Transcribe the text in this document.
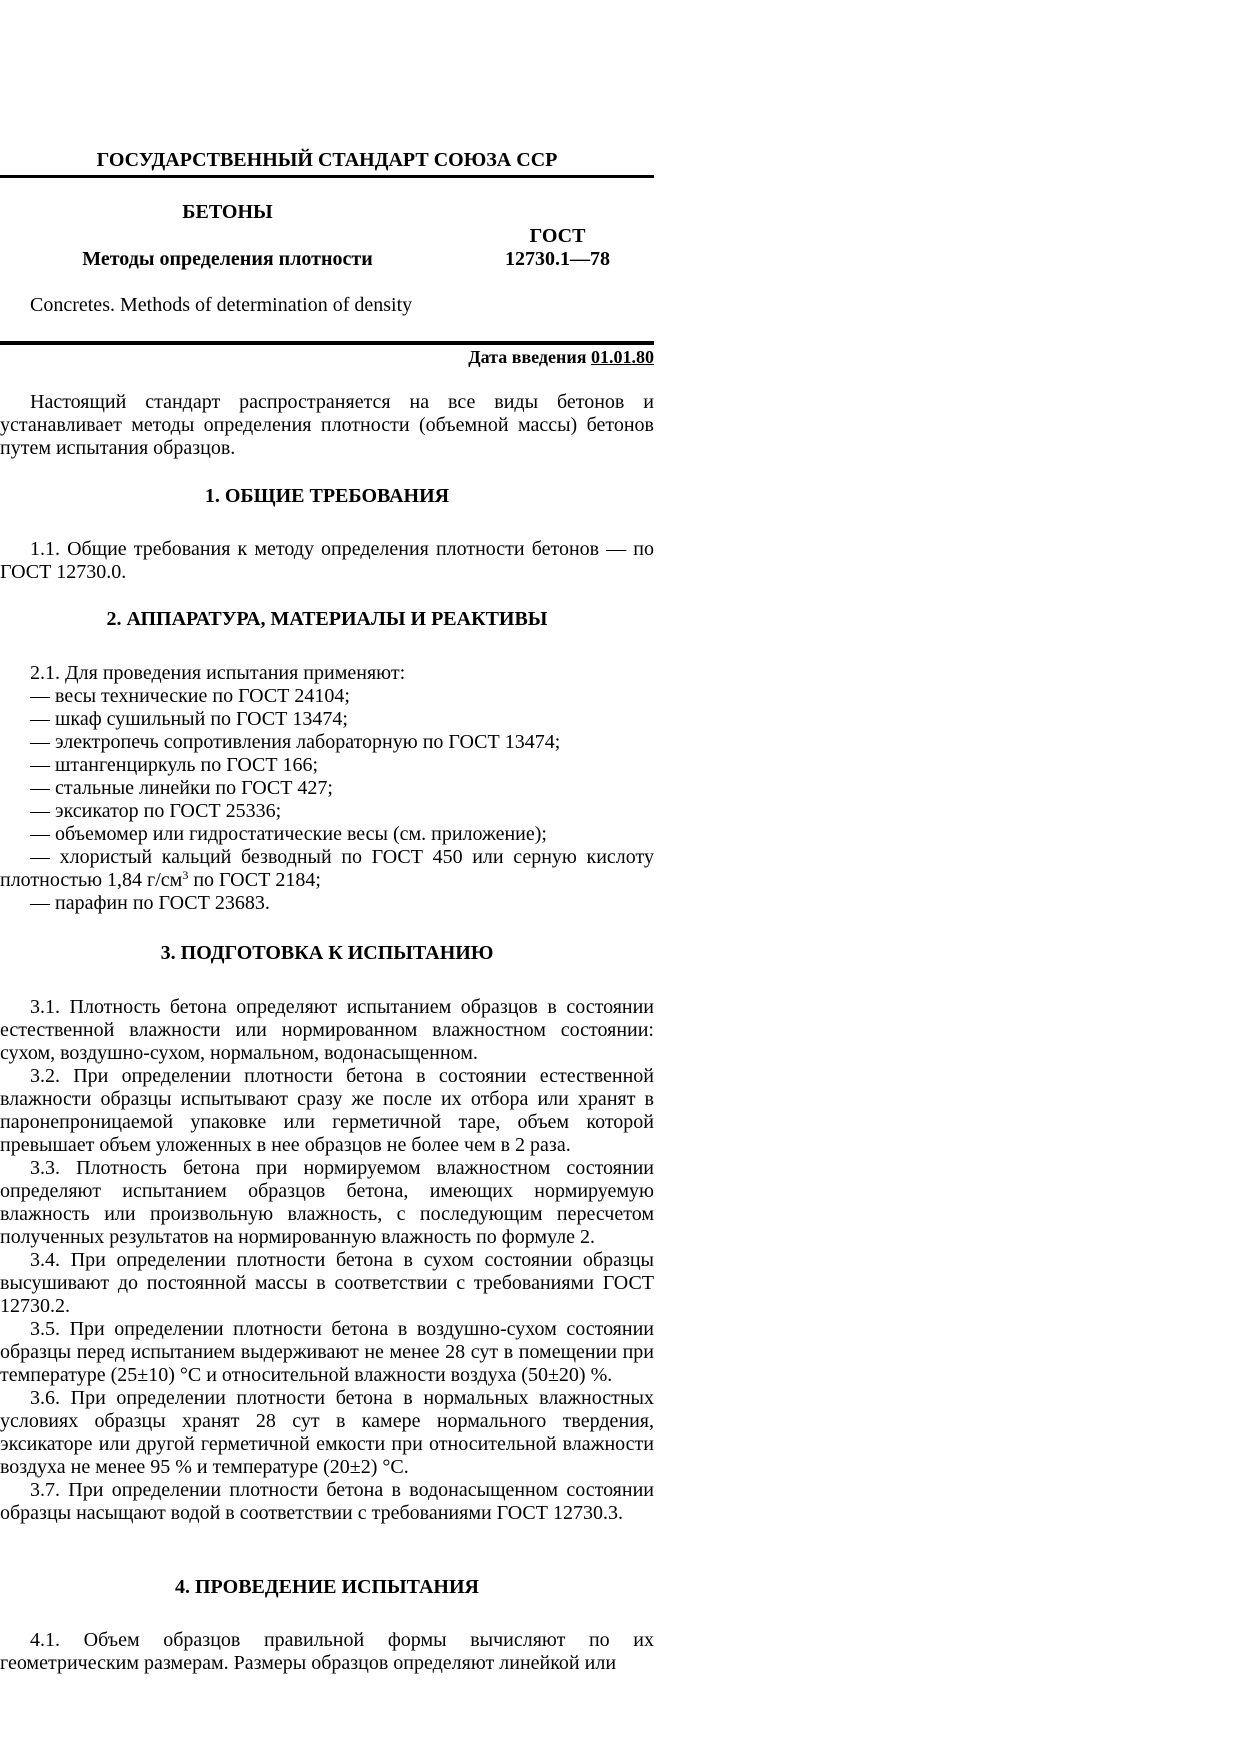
ГОСУДАРСТВЕННЫЙ СТАНДАРТ СОЮЗА ССР
БЕТОНЫ
Методы определения плотности
ГОСТ
12730.1—78
Concretes. Methods of determination of density
Дата введения 01.01.80

Настоящий стандарт распространяется на все виды бетонов и устанавливает методы определения плотности (объемной массы) бетонов путем испытания образцов.

1. ОБЩИЕ ТРЕБОВАНИЯ

1.1. Общие требования к методу определения плотности бетонов — по ГОСТ 12730.0.

2. АППАРАТУРА, МАТЕРИАЛЫ И РЕАКТИВЫ

2.1. Для проведения испытания применяют:

— весы технические по ГОСТ 24104;

— шкаф сушильный по ГОСТ 13474;

— электропечь сопротивления лабораторную по ГОСТ 13474;

— штангенциркуль по ГОСТ 166;

— стальные линейки по ГОСТ 427;

— эксикатор по ГОСТ 25336;

— объемомер или гидростатические весы (см. приложение);

— хлористый кальций безводный по ГОСТ 450 или серную кислоту плотностью 1,84 $г/см^3$ по ГОСТ 2184;

— парафин по ГОСТ 23683.

3. ПОДГОТОВКА К ИСПЫТАНИЮ

3.1. Плотность бетона определяют испытанием образцов в состоянии естественной влажности или нормированном влажностном состоянии: сухом, воздушно-сухом, нормальном, водонасыщенном.

3.2. При определении плотности бетона в состоянии естественной влажности образцы испытывают сразу же после их отбора или хранят в паронепроницаемой упаковке или герметичной таре, объем которой превышает объем уложенных в нее образцов не более чем в 2 раза.

3.3. Плотность бетона при нормируемом влажностном состоянии определяют испытанием образцов бетона, имеющих нормируемую влажность или произвольную влажность, с последующим пересчетом полученных результатов на нормированную влажность по формуле 2.

3.4. При определении плотности бетона в сухом состоянии образцы высушивают до постоянной массы в соответствии с требованиями ГОСТ 12730.2.

3.5. При определении плотности бетона в воздушно-сухом состоянии образцы перед испытанием выдерживают не менее 28 сут в помещении при температуре (25±10) °С и относительной влажности воздуха (50±20) %.

3.6. При определении плотности бетона в нормальных влажностных условиях образцы хранят 28 сут в камере нормального твердения, эксикаторе или другой герметичной емкости при относительной влажности воздуха не менее 95 % и температуре (20±2) °С.

3.7. При определении плотности бетона в водонасыщенном состоянии образцы насыщают водой в соответствии с требованиями ГОСТ 12730.3.

4. ПРОВЕДЕНИЕ ИСПЫТАНИЯ

4.1. Объем образцов правильной формы вычисляют по их геометрическим размерам. Размеры образцов определяют линейкой или
